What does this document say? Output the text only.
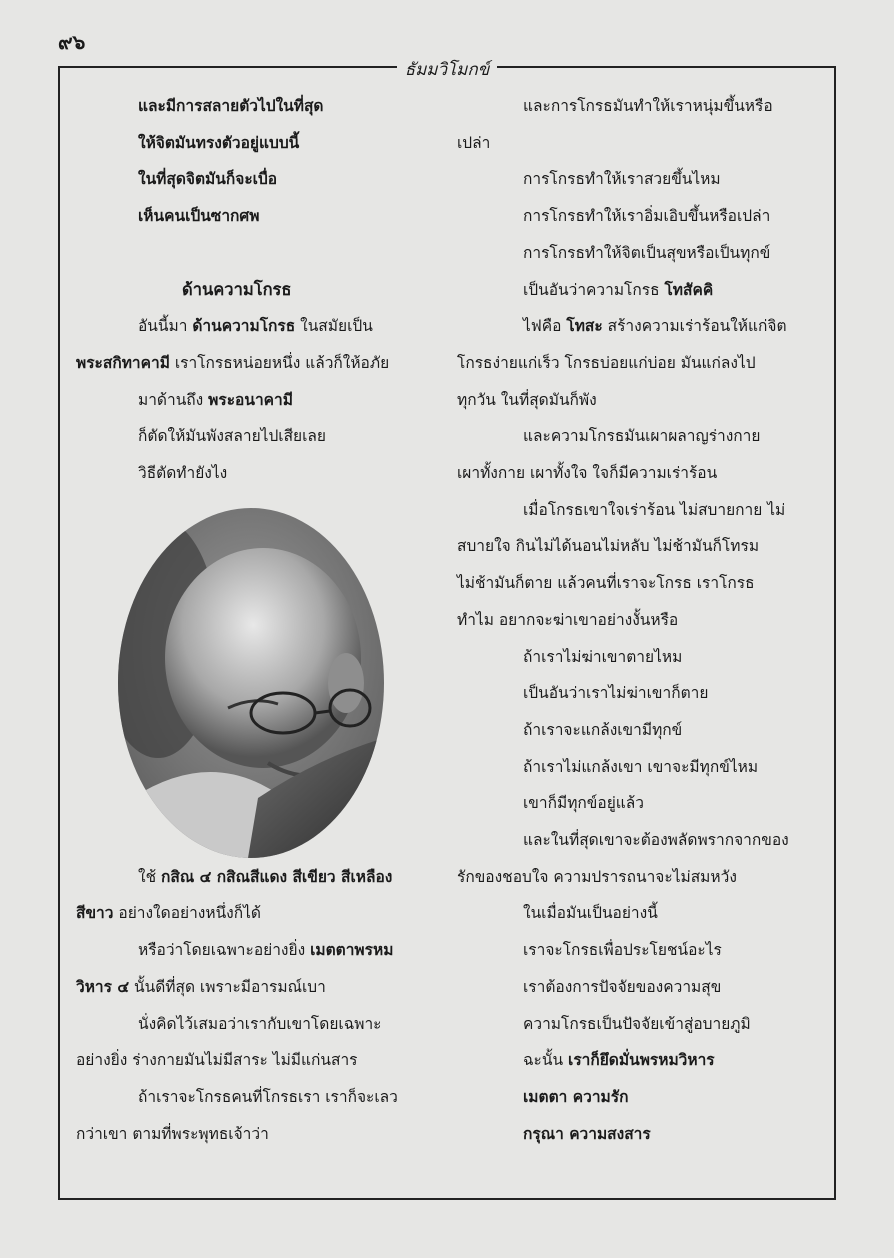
๙๖
ธัมมวิโมกข์

และมีการสลายตัวไปในที่สุด

ให้จิตมันทรงตัวอยู่แบบนี้

ในที่สุดจิตมันก็จะเบื่อ

เห็นคนเป็นซากศพ

ด้านความโกรธ

อันนี้มา ด้านความโกรธ ในสมัยเป็น

พระสกิทาคามี เราโกรธหน่อยหนึ่ง แล้วก็ให้อภัย

มาด้านถึง พระอนาคามี

ก็ตัดให้มันพังสลายไปเสียเลย

วิธีตัดทำยังไง

ใช้ กสิณ ๔ กสิณสีแดง สีเขียว สีเหลือง

สีขาว อย่างใดอย่างหนึ่งก็ได้

หรือว่าโดยเฉพาะอย่างยิ่ง เมตตาพรหม

วิหาร ๔ นั้นดีที่สุด เพราะมีอารมณ์เบา

นั่งคิดไว้เสมอว่าเรากับเขาโดยเฉพาะ

อย่างยิ่ง ร่างกายมันไม่มีสาระ ไม่มีแก่นสาร

ถ้าเราจะโกรธคนที่โกรธเรา เราก็จะเลว

กว่าเขา ตามที่พระพุทธเจ้าว่า

และการโกรธมันทำให้เราหนุ่มขึ้นหรือ

เปล่า

การโกรธทำให้เราสวยขึ้นไหม

การโกรธทำให้เราอิ่มเอิบขึ้นหรือเปล่า

การโกรธทำให้จิตเป็นสุขหรือเป็นทุกข์

เป็นอันว่าความโกรธ โทสัคคิ

ไฟคือ โทสะ สร้างความเร่าร้อนให้แก่จิต

โกรธง่ายแก่เร็ว โกรธบ่อยแก่บ่อย มันแก่ลงไป

ทุกวัน ในที่สุดมันก็พัง

และความโกรธมันเผาผลาญร่างกาย

เผาทั้งกาย เผาทั้งใจ ใจก็มีความเร่าร้อน

เมื่อโกรธเขาใจเร่าร้อน ไม่สบายกาย ไม่

สบายใจ กินไม่ได้นอนไม่หลับ ไม่ช้ามันก็โทรม

ไม่ช้ามันก็ตาย แล้วคนที่เราจะโกรธ เราโกรธ

ทำไม อยากจะฆ่าเขาอย่างงั้นหรือ

ถ้าเราไม่ฆ่าเขาตายไหม

เป็นอันว่าเราไม่ฆ่าเขาก็ตาย

ถ้าเราจะแกล้งเขามีทุกข์

ถ้าเราไม่แกล้งเขา เขาจะมีทุกข์ไหม

เขาก็มีทุกข์อยู่แล้ว

และในที่สุดเขาจะต้องพลัดพรากจากของ

รักของชอบใจ ความปรารถนาจะไม่สมหวัง

ในเมื่อมันเป็นอย่างนี้

เราจะโกรธเพื่อประโยชน์อะไร

เราต้องการปัจจัยของความสุข

ความโกรธเป็นปัจจัยเข้าสู่อบายภูมิ

ฉะนั้น เราก็ยึดมั่นพรหมวิหาร

เมตตา ความรัก

กรุณา ความสงสาร
